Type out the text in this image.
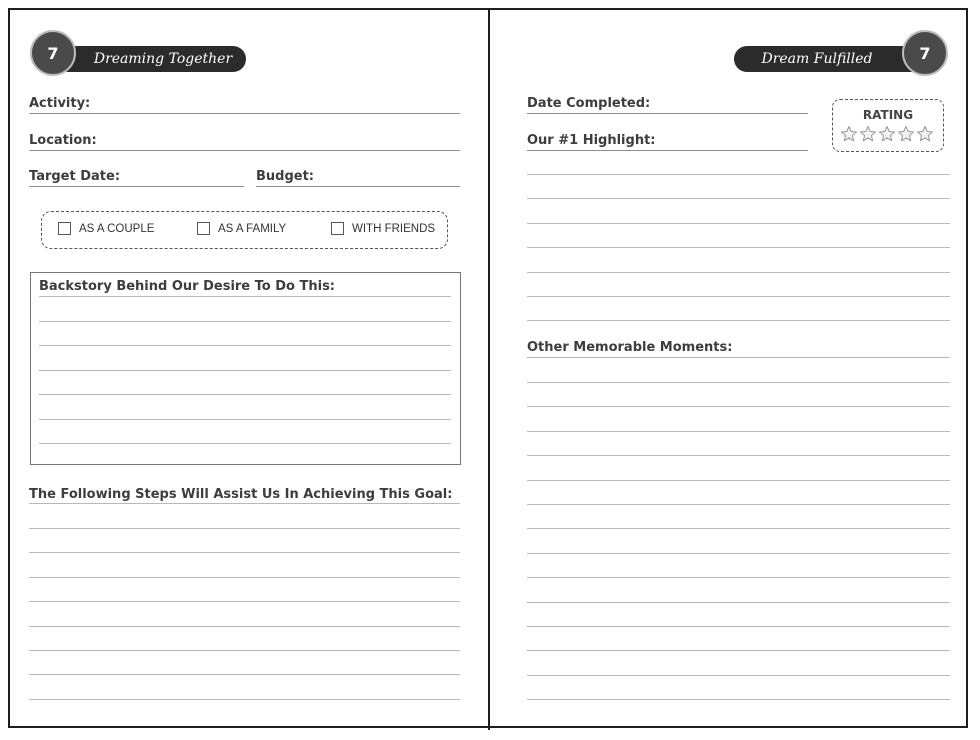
Dreaming Together
7
Activity:
Location:
Target Date:	Budget:
AS A COUPLE	AS A FAMILY	WITH FRIENDS
Backstory Behind Our Desire To Do This:
The Following Steps Will Assist Us In Achieving This Goal:
Dream Fulfilled	7
Date Completed:
Our #1 Highlight:
RATING
Other Memorable Moments:
